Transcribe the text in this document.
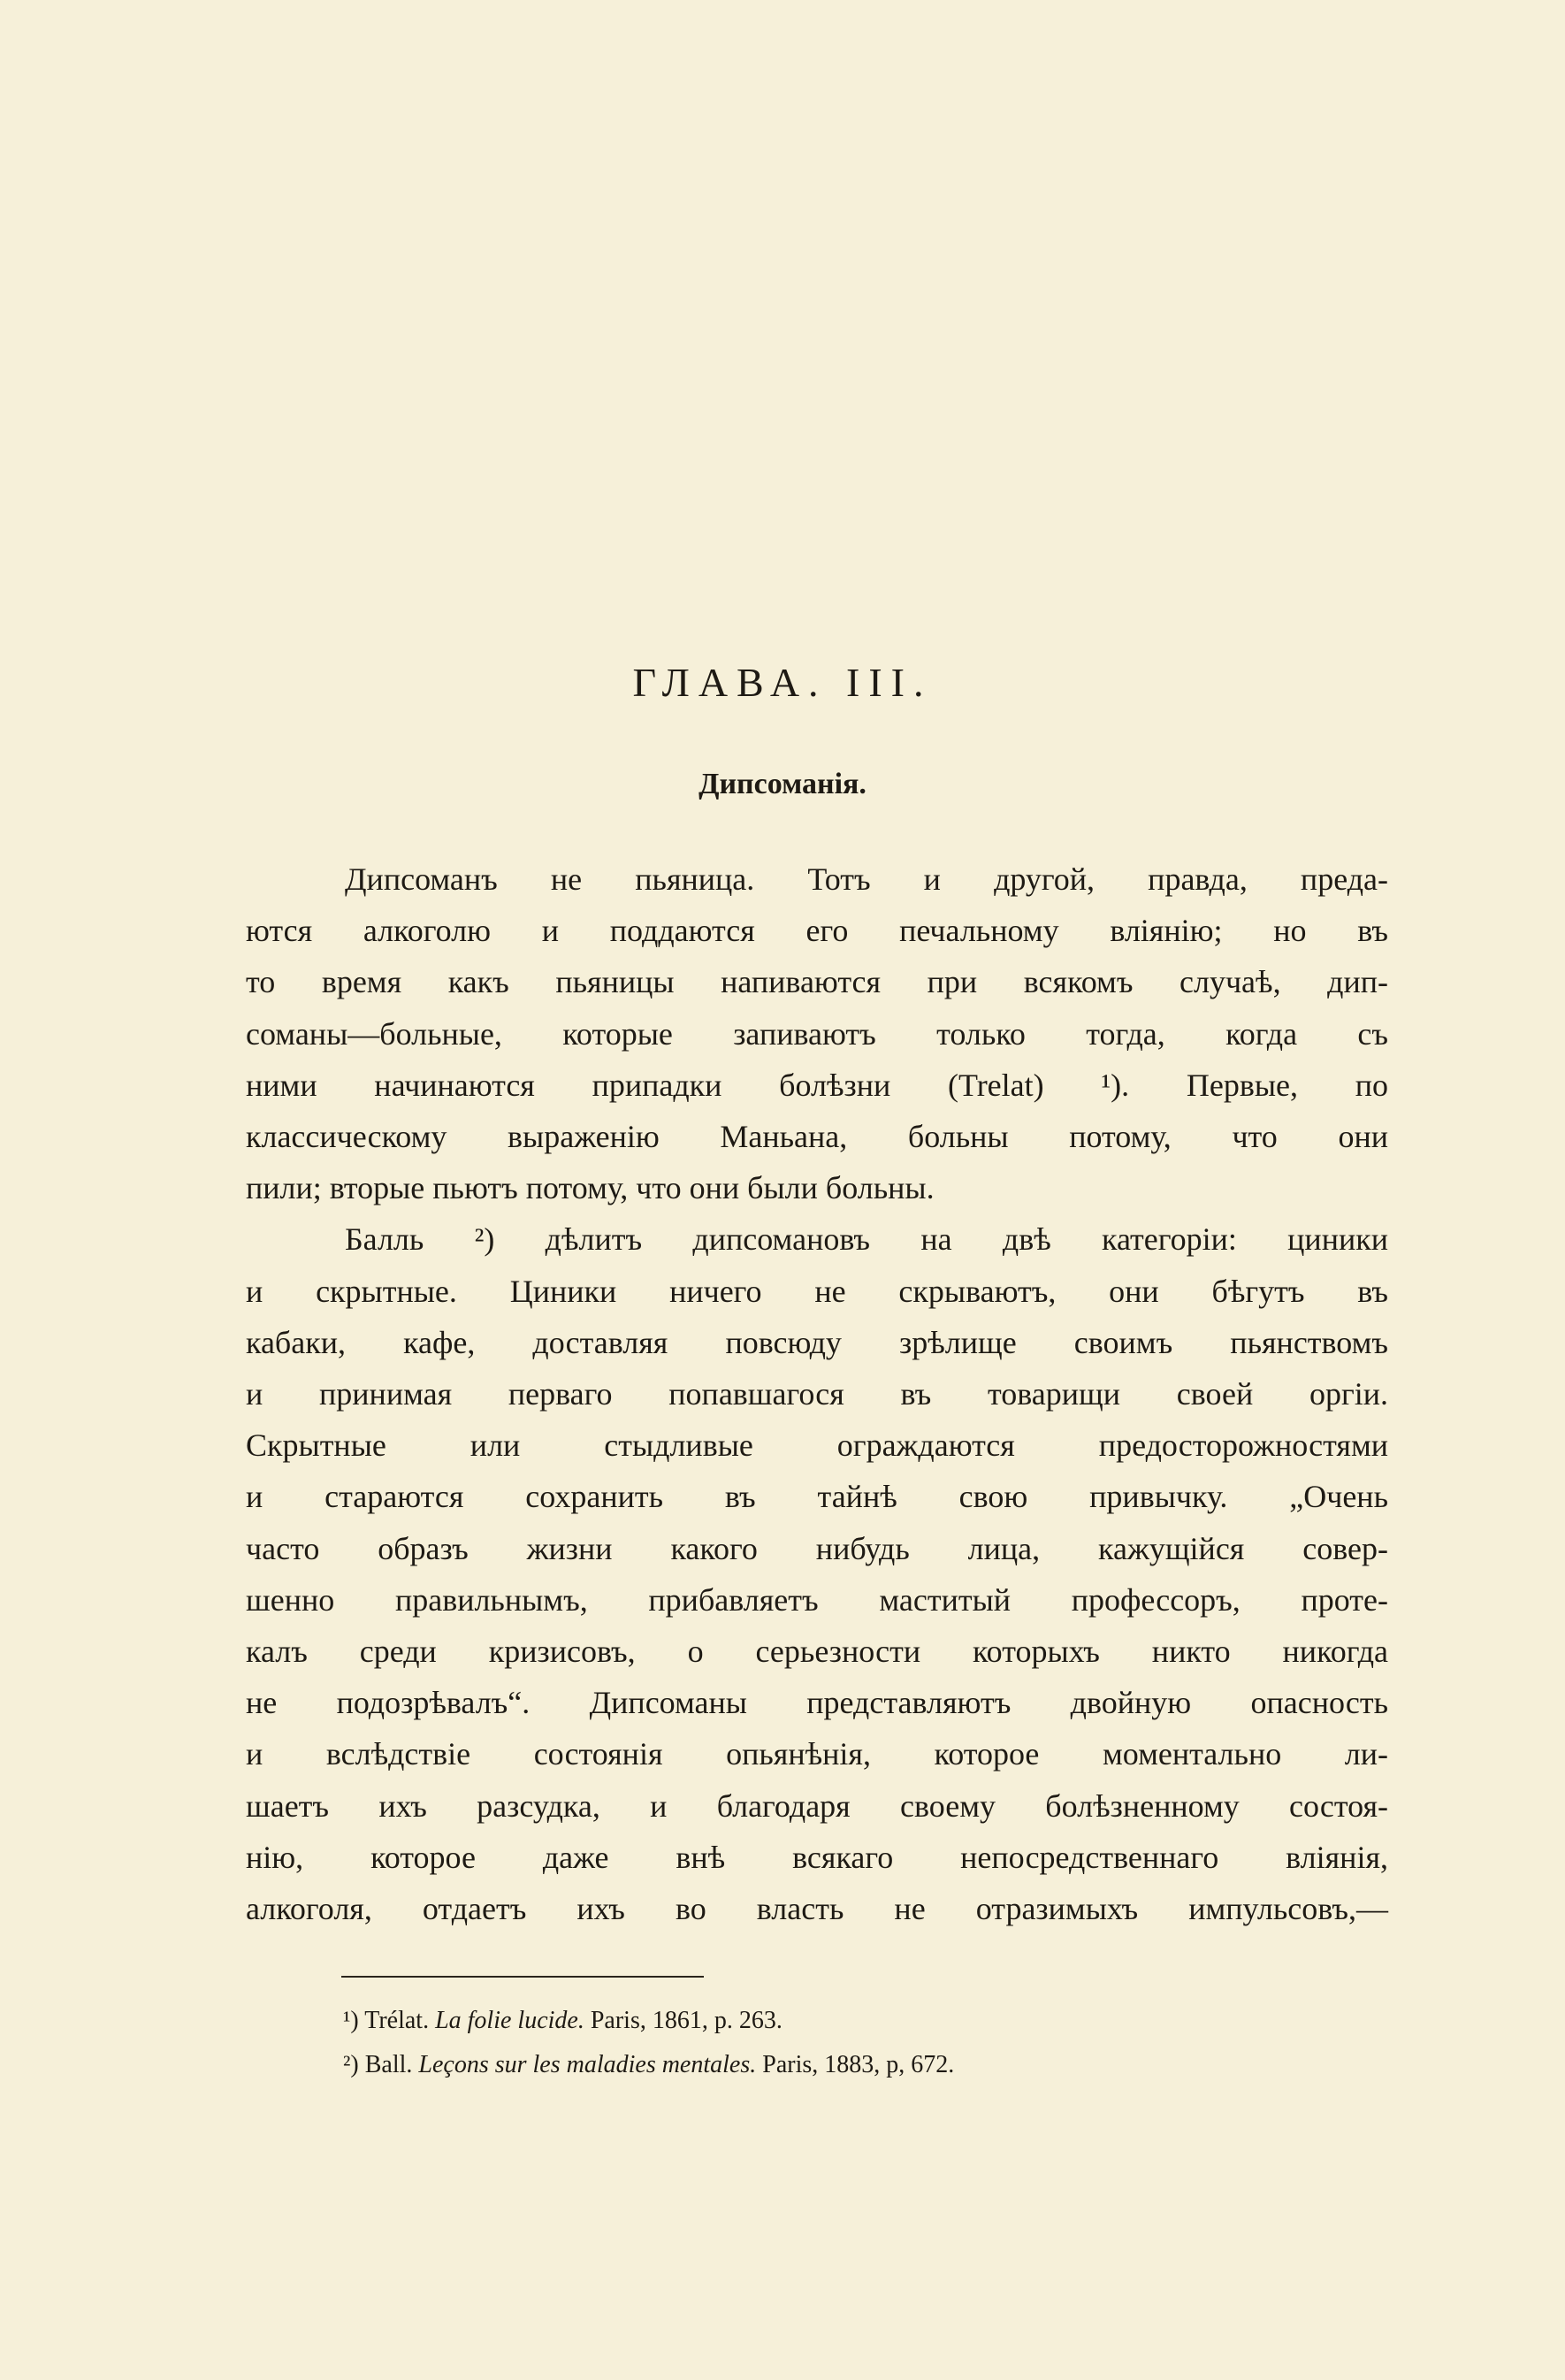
ГЛАВА. III.
Дипсоманія.
Дипсоманъ не пьяница. Тотъ и другой, правда, преда-
ются алкоголю и поддаются его печальному вліянію; но въ
то время какъ пьяницы напиваются при всякомъ случаѣ, дип-
соманы—больные, которые запиваютъ только тогда, когда съ
ними начинаются припадки болѣзни (Trelat) ¹). Первые, по
классическому выраженію Маньана, больны потому, что они
пили; вторые пьютъ потому, что они были больны.
Балль ²) дѣлитъ дипсомановъ на двѣ категоріи: циники
и скрытные. Циники ничего не скрываютъ, они бѣгутъ въ
кабаки, кафе, доставляя повсюду зрѣлище своимъ пьянствомъ
и принимая перваго попавшагося въ товарищи своей оргіи.
Скрытные или стыдливые ограждаются предосторожностями
и стараются сохранить въ тайнѣ свою привычку. „Очень
часто образъ жизни какого нибудь лица, кажущійся совер-
шенно правильнымъ, прибавляетъ маститый профессоръ, проте-
калъ среди кризисовъ, о серьезности которыхъ никто никогда
не подозрѣвалъ“. Дипсоманы представляютъ двойную опасность
и вслѣдствіе состоянія опьянѣнія, которое моментально ли-
шаетъ ихъ разсудка, и благодаря своему болѣзненному состоя-
нію, которое даже внѣ всякаго непосредственнаго вліянія,
алкоголя, отдаетъ ихъ во власть не отразимыхъ импульсовъ,—
¹) Trélat. La folie lucide. Paris, 1861, p. 263.
²) Ball. Leçons sur les maladies mentales. Paris, 1883, p, 672.
